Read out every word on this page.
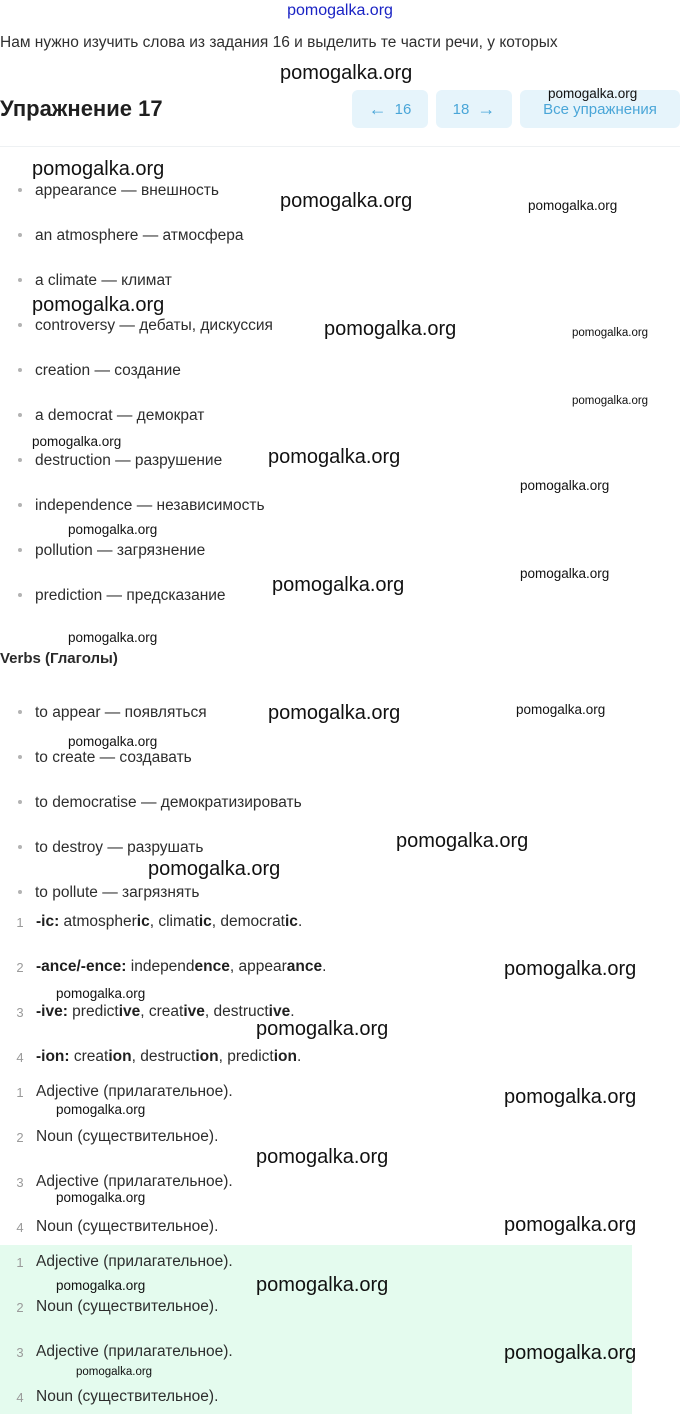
pomogalka.org
Нам нужно изучить слова из задания 16 и выделить те части речи, у которых
Упражнение 17	← 16	18 →	Все упражнения
appearance — внешность
an atmosphere — атмосфера
a climate — климат
controversy — дебаты, дискуссия
creation — создание
a democrat — демократ
destruction — разрушение
independence — независимость
pollution — загрязнение
prediction — предсказание
Verbs (Глаголы)
to appear — появляться
to create — создавать
to democratise — демократизировать
to destroy — разрушать
to pollute — загрязнять
1 -ic: atmospheric, climatic, democratic.
2 -ance/-ence: independence, appearance.
3 -ive: predictive, creative, destructive.
4 -ion: creation, destruction, prediction.
1 Adjective (прилагательное).
2 Noun (существительное).
3 Adjective (прилагательное).
4 Noun (существительное).
1 Adjective (прилагательное).
2 Noun (существительное).
3 Adjective (прилагательное).
4 Noun (существительное).
pomogalka.org
pomogalka.org
pomogalka.org
pomogalka.org	pomogalka.org
pomogalka.org
pomogalka.org	pomogalka.org
pomogalka.org
pomogalka.org
pomogalka.org
pomogalka.org
pomogalka.org
pomogalka.org
pomogalka.org
pomogalka.org
pomogalka.org	pomogalka.org
pomogalka.org
pomogalka.org
pomogalka.org
pomogalka.org
pomogalka.org
pomogalka.org
pomogalka.org
pomogalka.org
pomogalka.org
pomogalka.org
pomogalka.org
pomogalka.org
pomogalka.org
pomogalka.org
pomogalka.org
